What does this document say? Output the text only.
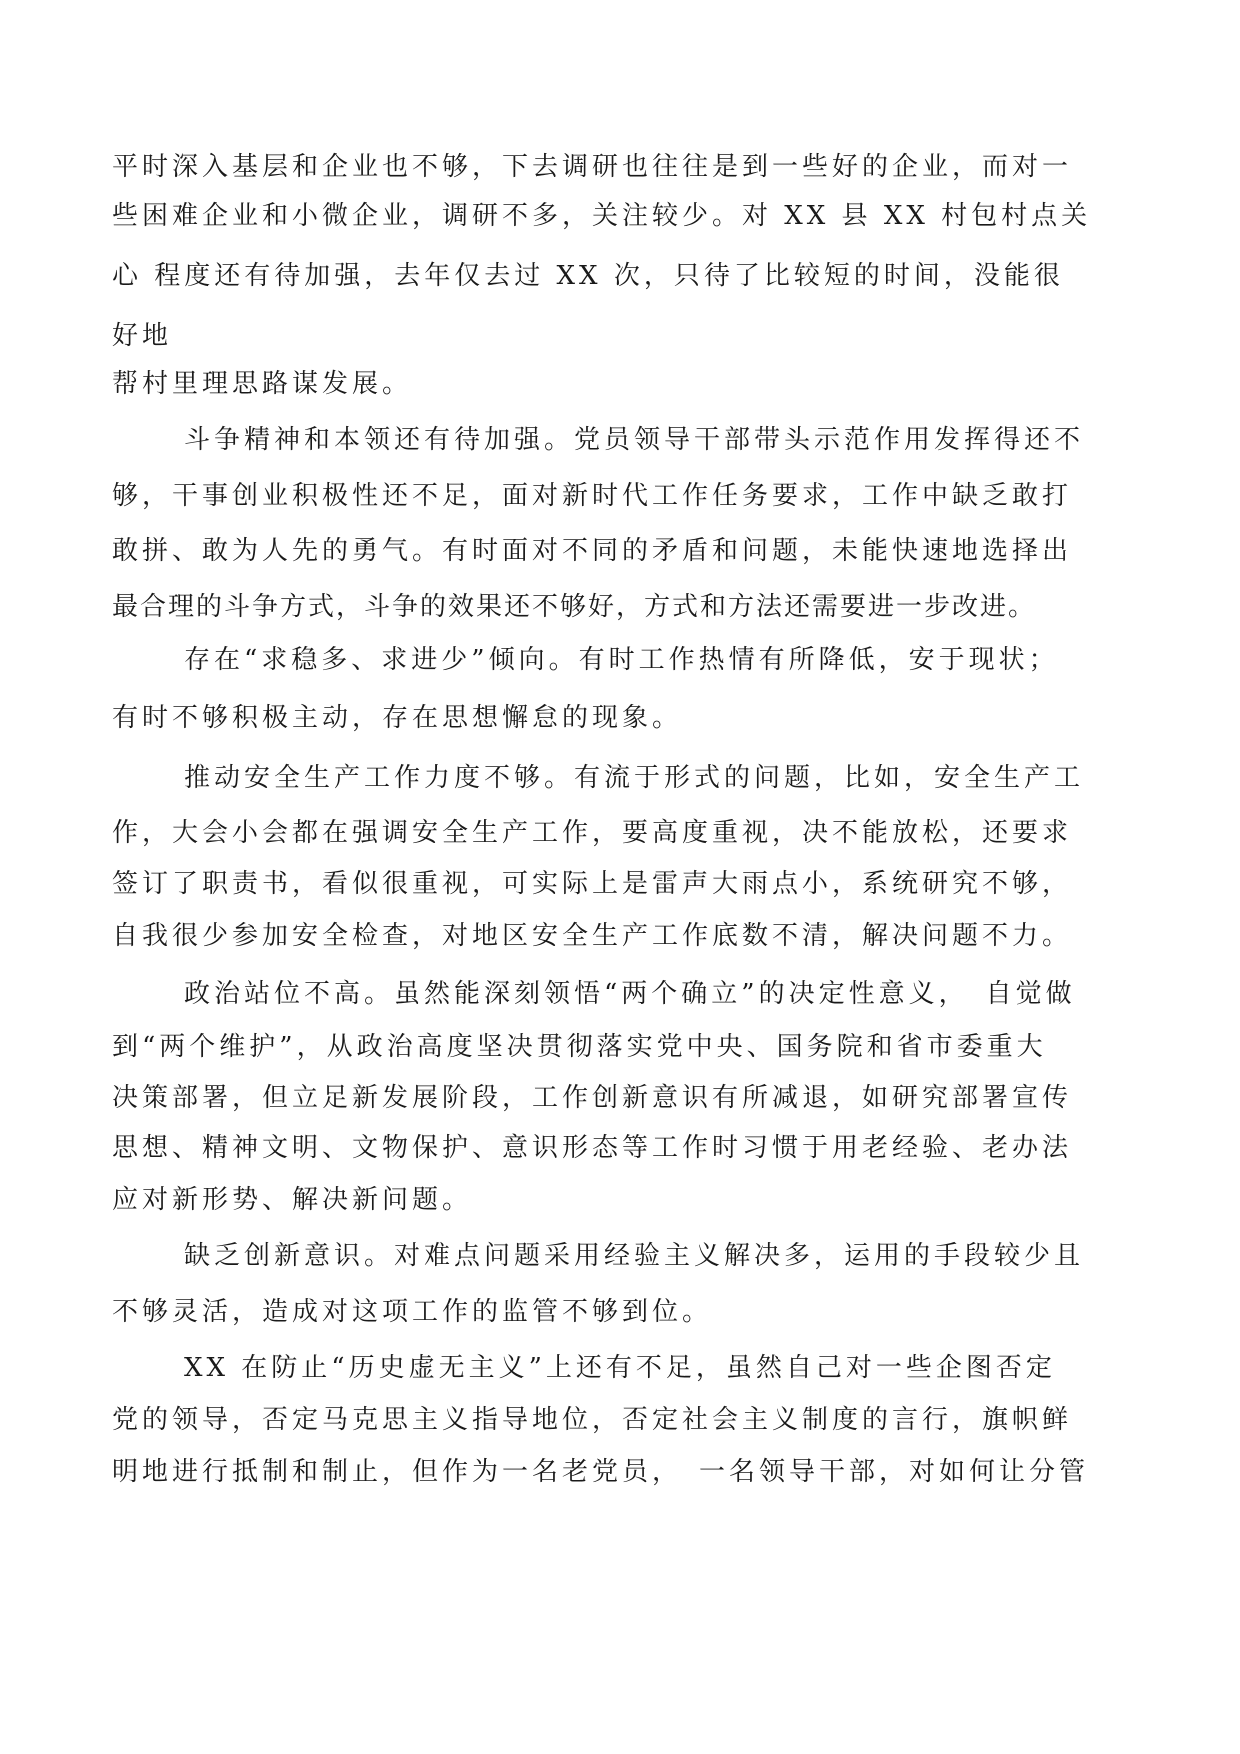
平时深入基层和企业也不够，下去调研也往往是到一些好的企业，而对一

些困难企业和小微企业，调研不多，关注较少。对 XX 县 XX 村包村点关

心 程度还有待加强，去年仅去过 XX 次，只待了比较短的时间，没能很

好地

帮村里理思路谋发展。

斗争精神和本领还有待加强。党员领导干部带头示范作用发挥得还不

够，干事创业积极性还不足，面对新时代工作任务要求，工作中缺乏敢打

敢拼、敢为人先的勇气。有时面对不同的矛盾和问题，未能快速地选择出

最合理的斗争方式，斗争的效果还不够好，方式和方法还需要进一步改进。

存在“求稳多、求进少”倾向。有时工作热情有所降低，安于现状；

有时不够积极主动，存在思想懈怠的现象。

推动安全生产工作力度不够。有流于形式的问题，比如，安全生产工

作，大会小会都在强调安全生产工作，要高度重视，决不能放松，还要求

签订了职责书，看似很重视，可实际上是雷声大雨点小，系统研究不够，

自我很少参加安全检查，对地区安全生产工作底数不清，解决问题不力。

政治站位不高。虽然能深刻领悟“两个确立”的决定性意义，　自觉做

到“两个维护”，从政治高度坚决贯彻落实党中央、国务院和省市委重大

决策部署，但立足新发展阶段，工作创新意识有所减退，如研究部署宣传

思想、精神文明、文物保护、意识形态等工作时习惯于用老经验、老办法

应对新形势、解决新问题。

缺乏创新意识。对难点问题采用经验主义解决多，运用的手段较少且

不够灵活，造成对这项工作的监管不够到位。

XX 在防止“历史虚无主义”上还有不足，虽然自己对一些企图否定

党的领导，否定马克思主义指导地位，否定社会主义制度的言行，旗帜鲜

明地进行抵制和制止，但作为一名老党员，　一名领导干部，对如何让分管
